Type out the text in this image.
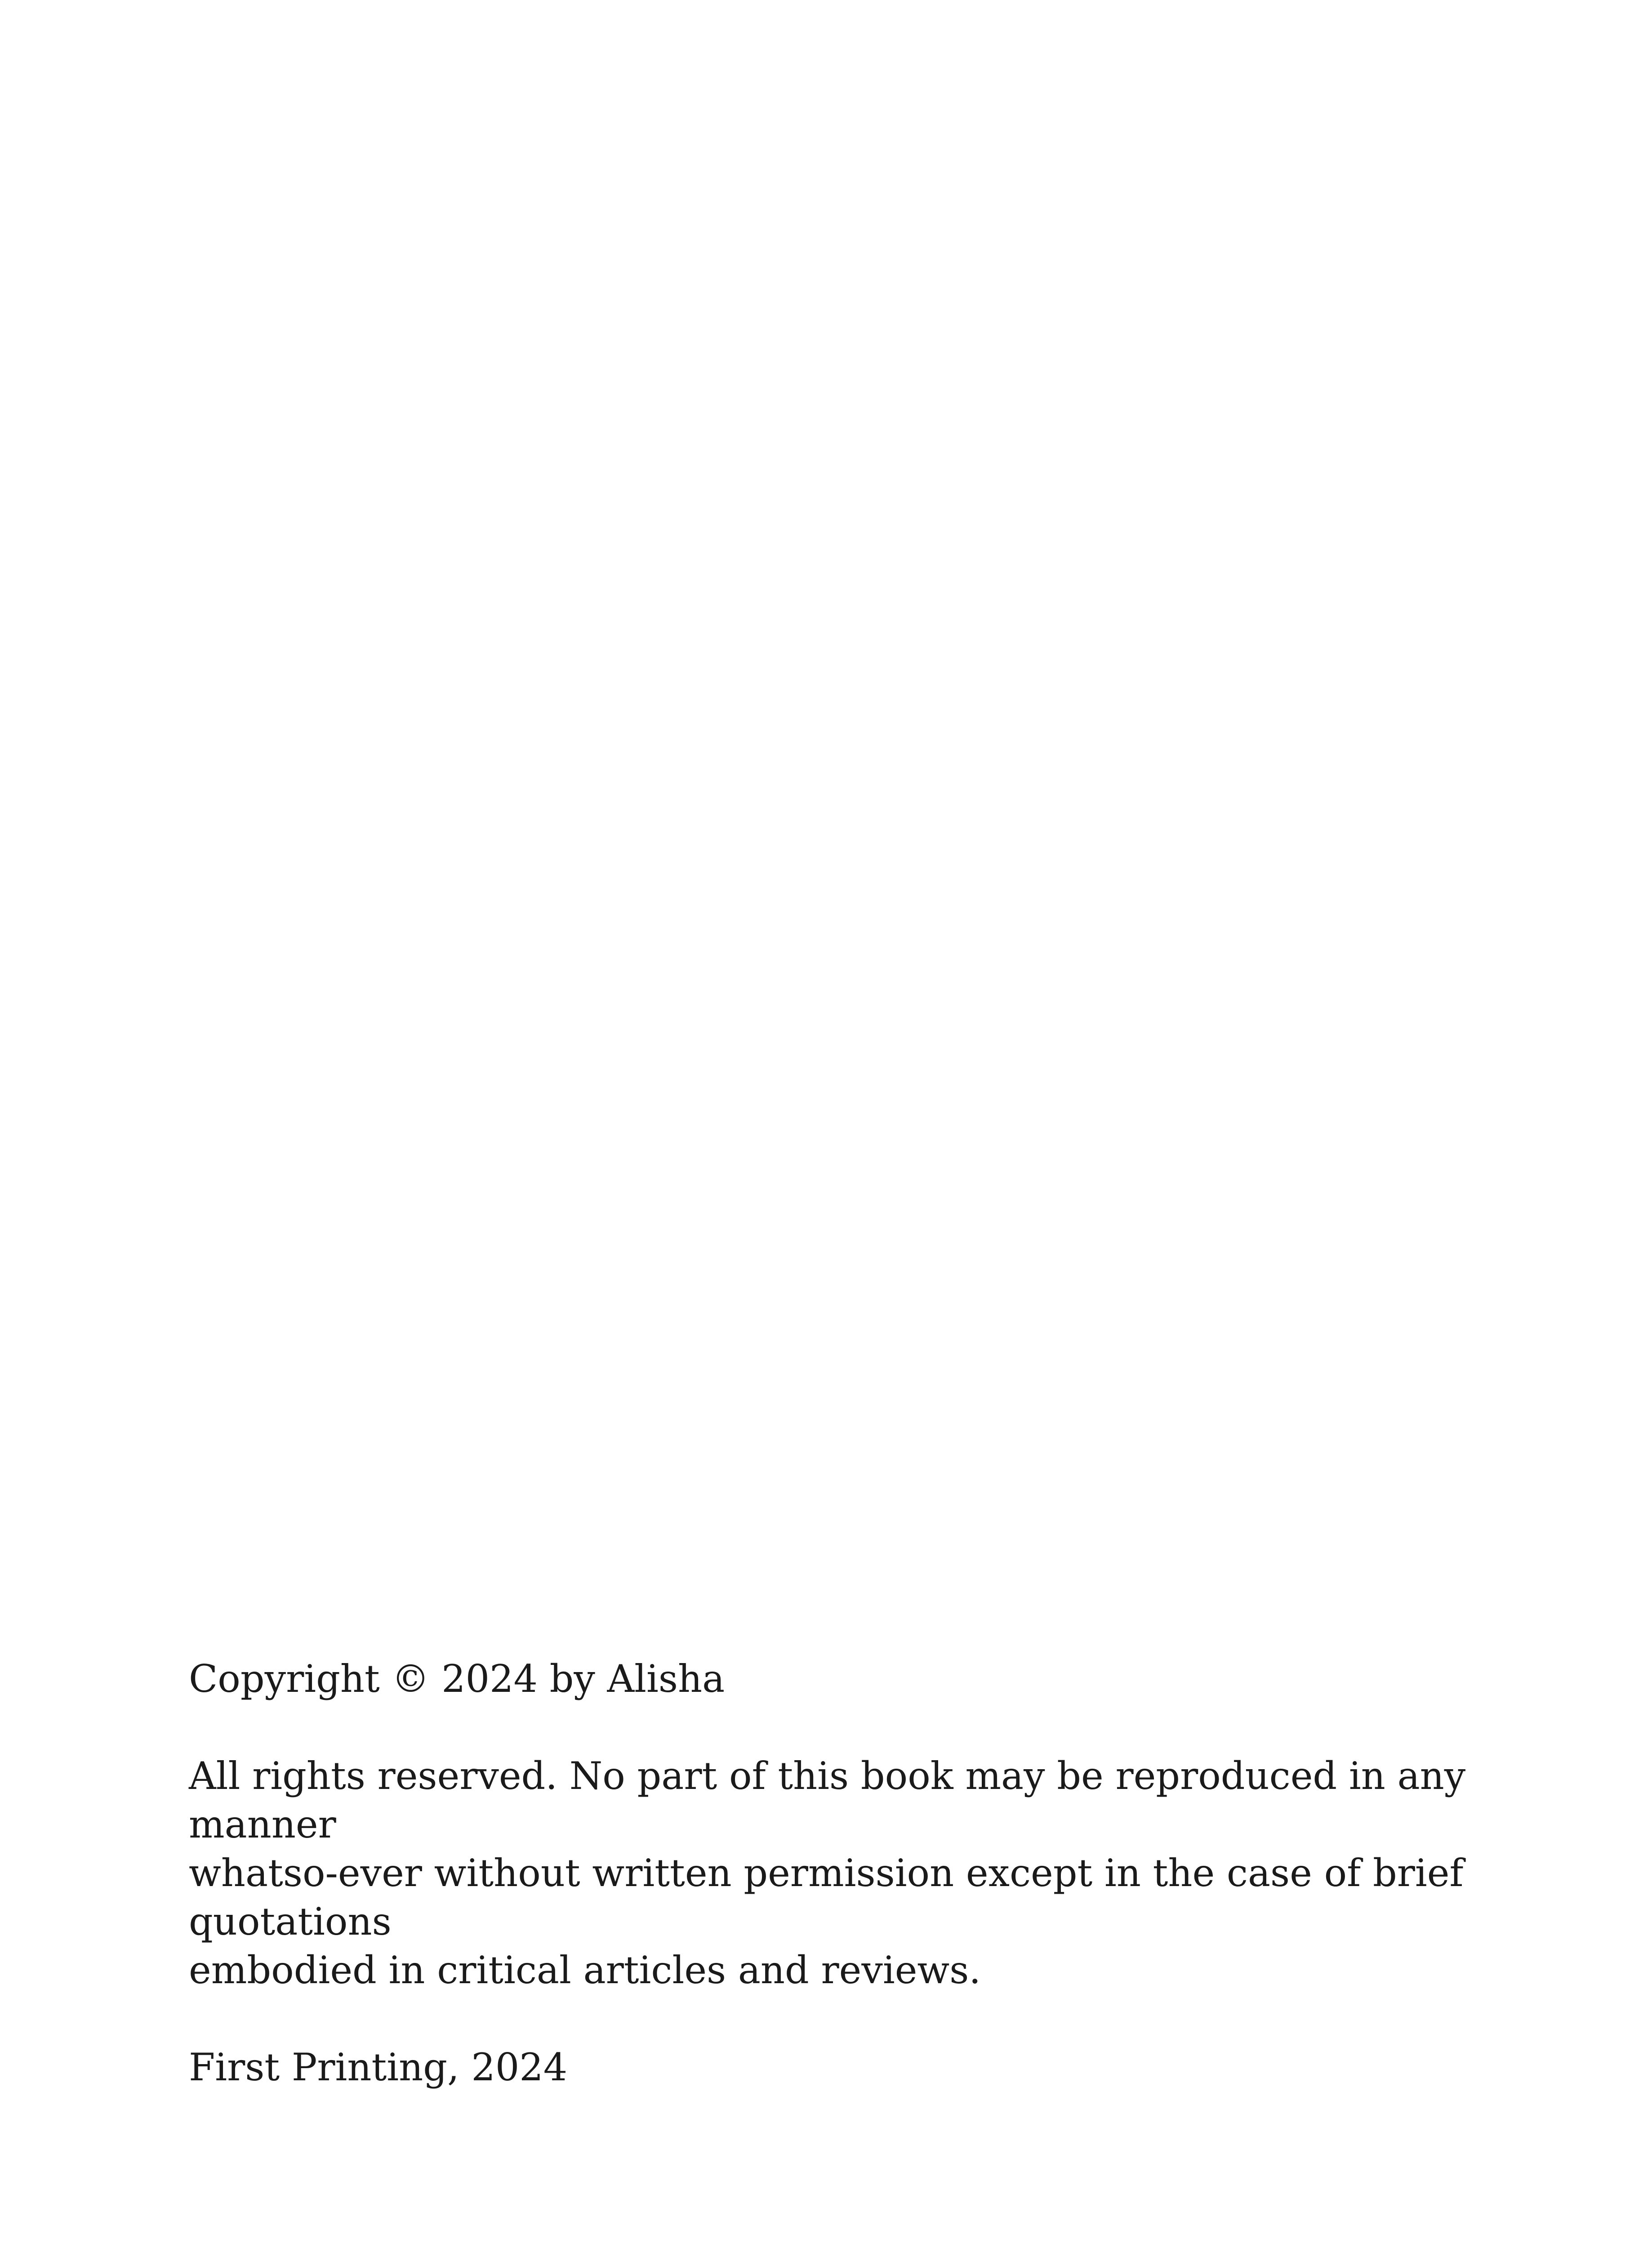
Copyright © 2024 by Alisha

All rights reserved. No part of this book may be reproduced in any
manner
whatso-ever without written permission except in the case of brief
quotations
embodied in critical articles and reviews.

First Printing, 2024
